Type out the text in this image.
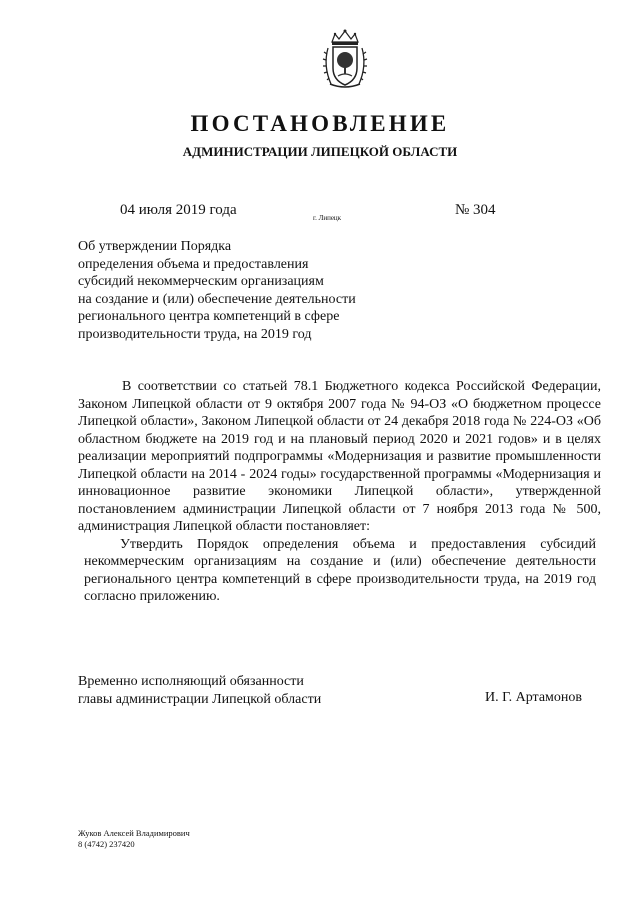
ПОСТАНОВЛЕНИЕ
АДМИНИСТРАЦИИ ЛИПЕЦКОЙ ОБЛАСТИ
04 июля 2019 года	г. Липецк	№ 304
Об утверждении Порядка
определения объема и предоставления
субсидий некоммерческим организациям
на создание и (или) обеспечение деятельности
регионального центра компетенций в сфере
производительности труда, на 2019 год

В соответствии со статьей 78.1 Бюджетного кодекса Российской Федерации, Законом Липецкой области от 9 октября 2007 года № 94-ОЗ «О бюджетном процессе Липецкой области», Законом Липецкой области от 24 декабря 2018 года № 224-ОЗ «Об областном бюджете на 2019 год и на плановый период 2020 и 2021 годов» и в целях реализации мероприятий подпрограммы «Модернизация и развитие промышленности Липецкой области на 2014 - 2024 годы» государственной программы «Модернизация и инновационное развитие экономики Липецкой области», утвержденной постановлением администрации Липецкой области от 7 ноября 2013 года № 500, администрация Липецкой области постановляет:

Утвердить Порядок определения объема и предоставления субсидий некоммерческим организациям на создание и (или) обеспечение деятельности регионального центра компетенций в сфере производительности труда, на 2019 год согласно приложению.

Временно исполняющий обязанности
главы администрации Липецкой области	И. Г. Артамонов
Жуков Алексей Владимирович
8 (4742) 237420
